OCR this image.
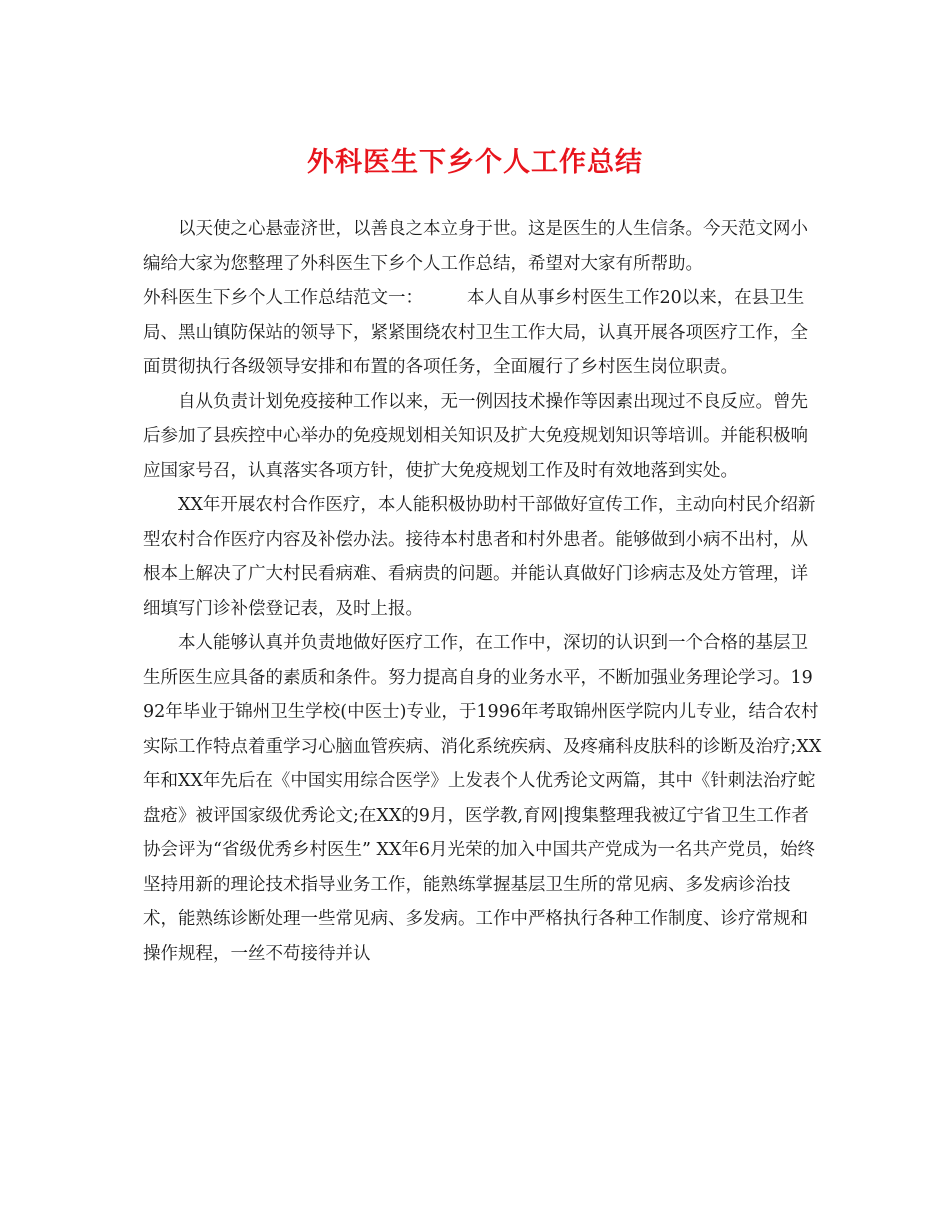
外科医生下乡个人工作总结

以天使之心悬壶济世，以善良之本立身于世。这是医生的人生信条。今天范文网小编给大家为您整理了外科医生下乡个人工作总结，希望对大家有所帮助。

外科医生下乡个人工作总结范文一：	本人自从事乡村医生工作20以来，在县卫生局、黑山镇防保站的领导下，紧紧围绕农村卫生工作大局，认真开展各项医疗工作，全面贯彻执行各级领导安排和布置的各项任务，全面履行了乡村医生岗位职责。

自从负责计划免疫接种工作以来，无一例因技术操作等因素出现过不良反应。曾先后参加了县疾控中心举办的免疫规划相关知识及扩大免疫规划知识等培训。并能积极响应国家号召，认真落实各项方针，使扩大免疫规划工作及时有效地落到实处。

XX年开展农村合作医疗，本人能积极协助村干部做好宣传工作，主动向村民介绍新型农村合作医疗内容及补偿办法。接待本村患者和村外患者。能够做到小病不出村，从根本上解决了广大村民看病难、看病贵的问题。并能认真做好门诊病志及处方管理，详细填写门诊补偿登记表，及时上报。

本人能够认真并负责地做好医疗工作，在工作中，深切的认识到一个合格的基层卫生所医生应具备的素质和条件。努力提高自身的业务水平，不断加强业务理论学习。1992年毕业于锦州卫生学校(中医士)专业，于1996年考取锦州医学院内儿专业，结合农村实际工作特点着重学习心脑血管疾病、消化系统疾病、及疼痛科皮肤科的诊断及治疗;XX年和XX年先后在《中国实用综合医学》上发表个人优秀论文两篇，其中《针刺法治疗蛇盘疮》被评国家级优秀论文;在XX的9月，医学教,育网|搜集整理我被辽宁省卫生工作者协会评为“省级优秀乡村医生” XX年6月光荣的加入中国共产党成为一名共产党员，始终坚持用新的理论技术指导业务工作，能熟练掌握基层卫生所的常见病、多发病诊治技术，能熟练诊断处理一些常见病、多发病。工作中严格执行各种工作制度、诊疗常规和操作规程，一丝不苟接待并认
